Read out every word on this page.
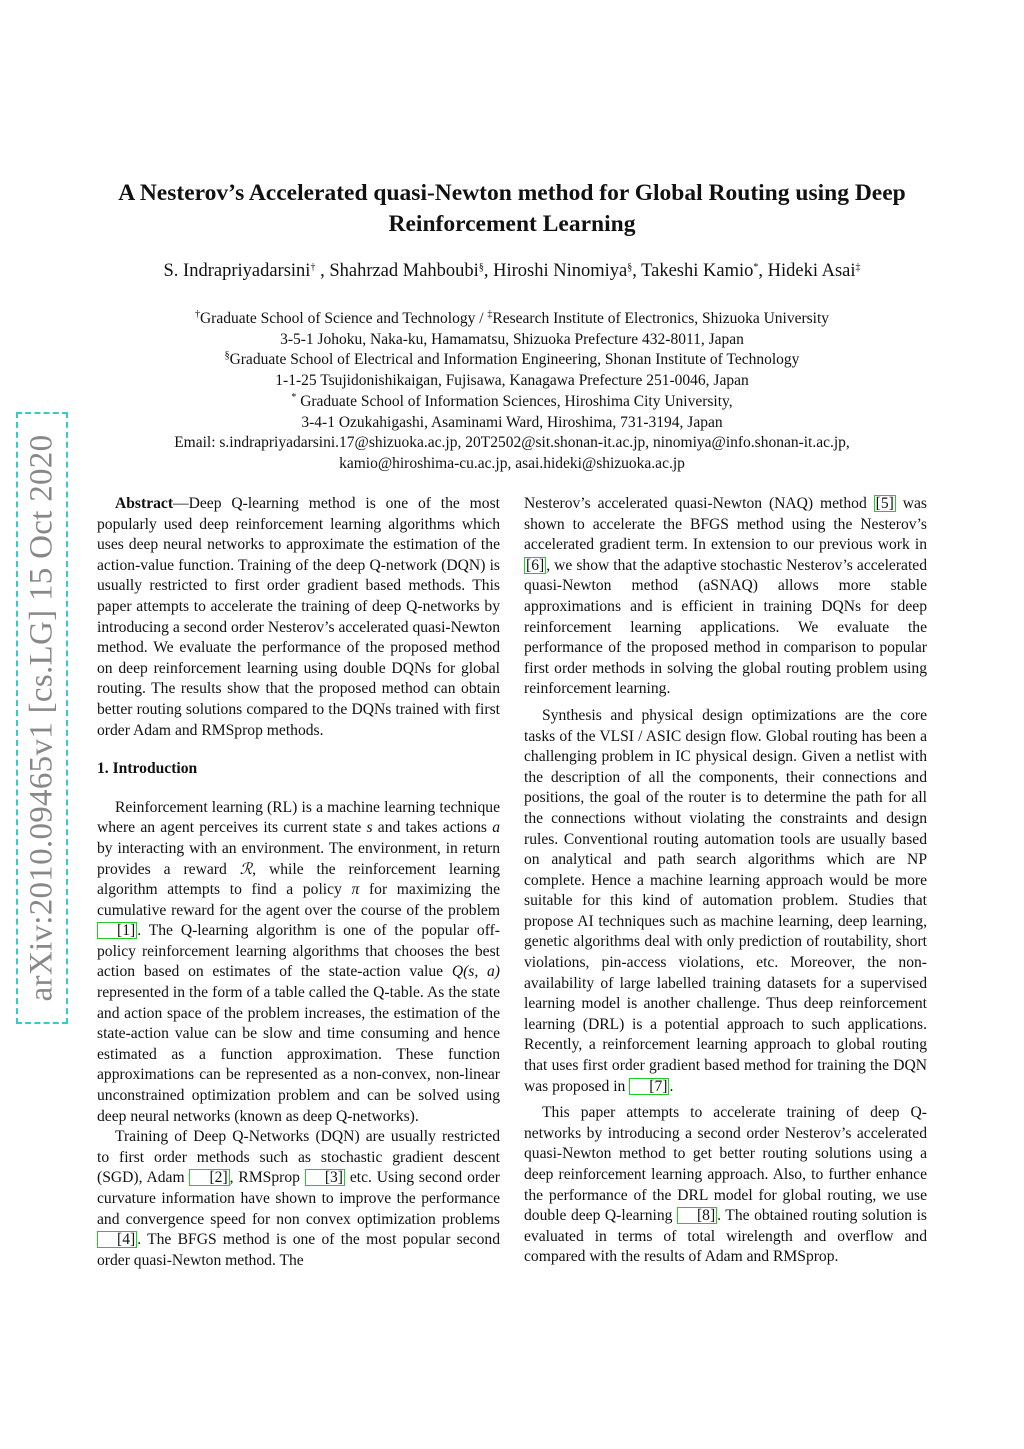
arXiv:2010.09465v1 [cs.LG] 15 Oct 2020
A Nesterov’s Accelerated quasi-Newton method for Global Routing using Deep Reinforcement Learning
S. Indrapriyadarsini† , Shahrzad Mahboubi§, Hiroshi Ninomiya§, Takeshi Kamio*, Hideki Asai‡
†Graduate School of Science and Technology / ‡Research Institute of Electronics, Shizuoka University
3-5-1 Johoku, Naka-ku, Hamamatsu, Shizuoka Prefecture 432-8011, Japan
§Graduate School of Electrical and Information Engineering, Shonan Institute of Technology
1-1-25 Tsujidonishikaigan, Fujisawa, Kanagawa Prefecture 251-0046, Japan
* Graduate School of Information Sciences, Hiroshima City University,
3-4-1 Ozukahigashi, Asaminami Ward, Hiroshima, 731-3194, Japan
Email: s.indrapriyadarsini.17@shizuoka.ac.jp, 20T2502@sit.shonan-it.ac.jp, ninomiya@info.shonan-it.ac.jp,
kamio@hiroshima-cu.ac.jp, asai.hideki@shizuoka.ac.jp

Abstract—Deep Q-learning method is one of the most popularly used deep reinforcement learning algorithms which uses deep neural networks to approximate the estimation of the action-value function. Training of the deep Q-network (DQN) is usually restricted to first order gradient based methods. This paper attempts to accelerate the training of deep Q-networks by introducing a second order Nesterov’s accelerated quasi-Newton method. We evaluate the performance of the proposed method on deep reinforcement learning using double DQNs for global routing. The results show that the proposed method can obtain better routing solutions compared to the DQNs trained with first order Adam and RMSprop methods.

1. Introduction

Reinforcement learning (RL) is a machine learning technique where an agent perceives its current state s and takes actions a by interacting with an environment. The environment, in return provides a reward ℛ, while the reinforcement learning algorithm attempts to find a policy π for maximizing the cumulative reward for the agent over the course of the problem [1] . The Q-learning algorithm is one of the popular off-policy reinforcement learning algorithms that chooses the best action based on estimates of the state-action value Q(s, a) represented in the form of a table called the Q-table. As the state and action space of the problem increases, the estimation of the state-action value can be slow and time consuming and hence estimated as a function approximation. These function approximations can be represented as a non-convex, non-linear unconstrained optimization problem and can be solved using deep neural networks (known as deep Q-networks).

Training of Deep Q-Networks (DQN) are usually restricted to first order methods such as stochastic gradient descent (SGD), Adam [2] , RMSprop [3] etc. Using second order curvature information have shown to improve the performance and convergence speed for non convex optimization problems [4] . The BFGS method is one of the most popular second order quasi-Newton method. The

Nesterov’s accelerated quasi-Newton (NAQ) method [5] was shown to accelerate the BFGS method using the Nesterov’s accelerated gradient term. In extension to our previous work in [6] , we show that the adaptive stochastic Nesterov’s accelerated quasi-Newton method (aSNAQ) allows more stable approximations and is efficient in training DQNs for deep reinforcement learning applications. We evaluate the performance of the proposed method in comparison to popular first order methods in solving the global routing problem using reinforcement learning.

Synthesis and physical design optimizations are the core tasks of the VLSI / ASIC design flow. Global routing has been a challenging problem in IC physical design. Given a netlist with the description of all the components, their connections and positions, the goal of the router is to determine the path for all the connections without violating the constraints and design rules. Conventional routing automation tools are usually based on analytical and path search algorithms which are NP complete. Hence a machine learning approach would be more suitable for this kind of automation problem. Studies that propose AI techniques such as machine learning, deep learning, genetic algorithms deal with only prediction of routability, short violations, pin-access violations, etc. Moreover, the non-availability of large labelled training datasets for a supervised learning model is another challenge. Thus deep reinforcement learning (DRL) is a potential approach to such applications. Recently, a reinforcement learning approach to global routing that uses first order gradient based method for training the DQN was proposed in [7] .

This paper attempts to accelerate training of deep Q-networks by introducing a second order Nesterov’s accelerated quasi-Newton method to get better routing solutions using a deep reinforcement learning approach. Also, to further enhance the performance of the DRL model for global routing, we use double deep Q-learning [8] . The obtained routing solution is evaluated in terms of total wirelength and overflow and compared with the results of Adam and RMSprop.
